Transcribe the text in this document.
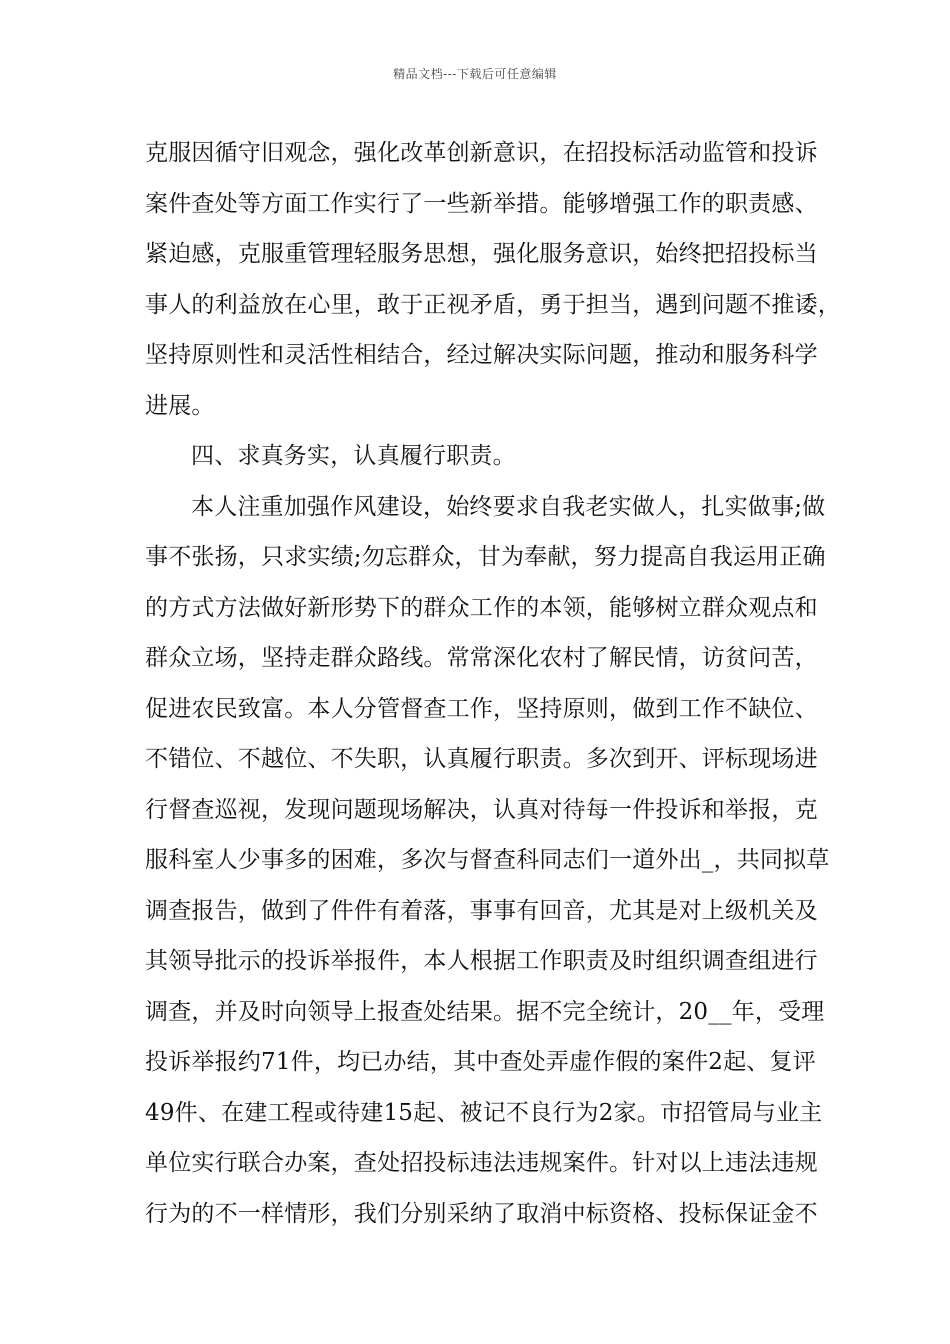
精品文档---下载后可任意编辑
克服因循守旧观念，强化改革创新意识，在招投标活动监管和投诉
案件查处等方面工作实行了一些新举措。能够增强工作的职责感、
紧迫感，克服重管理轻服务思想，强化服务意识，始终把招投标当
事人的利益放在心里，敢于正视矛盾，勇于担当，遇到问题不推诿，
坚持原则性和灵活性相结合，经过解决实际问题，推动和服务科学
进展。
四、求真务实，认真履行职责。
本人注重加强作风建设，始终要求自我老实做人，扎实做事;做
事不张扬，只求实绩;勿忘群众，甘为奉献，努力提高自我运用正确
的方式方法做好新形势下的群众工作的本领，能够树立群众观点和
群众立场，坚持走群众路线。常常深化农村了解民情，访贫问苦，
促进农民致富。本人分管督查工作，坚持原则，做到工作不缺位、
不错位、不越位、不失职，认真履行职责。多次到开、评标现场进
行督查巡视，发现问题现场解决，认真对待每一件投诉和举报，克
服科室人少事多的困难，多次与督查科同志们一道外出_，共同拟草
调查报告，做到了件件有着落，事事有回音，尤其是对上级机关及
其领导批示的投诉举报件，本人根据工作职责及时组织调查组进行
调查，并及时向领导上报查处结果。据不完全统计，20__年，受理
投诉举报约71件，均已办结，其中查处弄虚作假的案件2起、复评
49件、在建工程或待建15起、被记不良行为2家。市招管局与业主
单位实行联合办案，查处招投标违法违规案件。针对以上违法违规
行为的不一样情形，我们分别采纳了取消中标资格、投标保证金不
